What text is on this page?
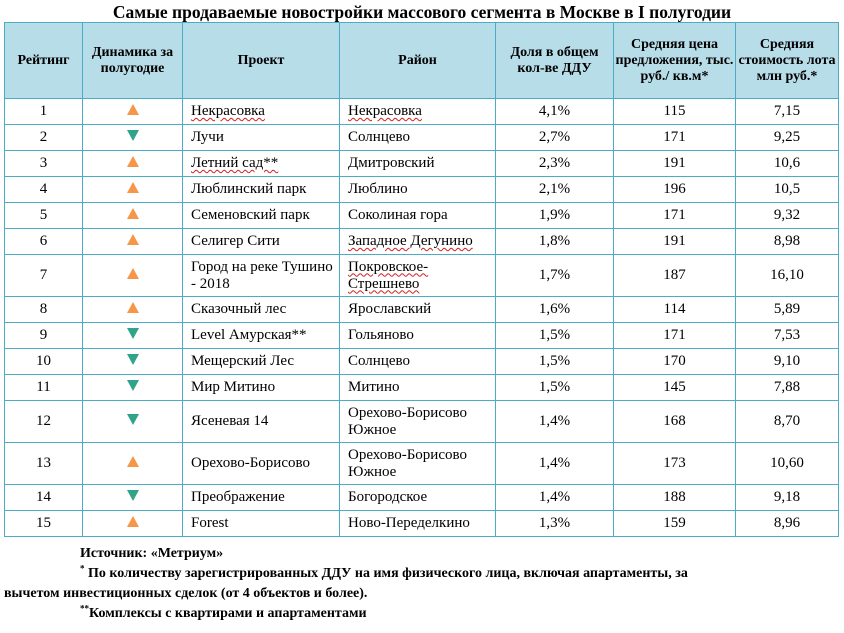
Самые продаваемые новостройки массового сегмента в Москве в I полугодии
Рейтинг	Динамика за полугодие	Проект	Район	Доля в общем кол-ве ДДУ	Средняя цена предложения, тыс. руб./ кв.м*	Средняя стоимость лота млн руб.*
1		Некрасовка	Некрасовка	4,1%	115	7,15
2		Лучи	Солнцево	2,7%	171	9,25
3		Летний сад**	Дмитровский	2,3%	191	10,6
4		Люблинский парк	Люблино	2,1%	196	10,5
5		Семеновский парк	Соколиная гора	1,9%	171	9,32
6		Селигер Сити	Западное Дегунино	1,8%	191	8,98
7		Город на реке Тушино - 2018	Покровское-Стрешнево	1,7%	187	16,10
8		Сказочный лес	Ярославский	1,6%	114	5,89
9		Level Амурская**	Гольяново	1,5%	171	7,53
10		Мещерский Лес	Солнцево	1,5%	170	9,10
11		Мир Митино	Митино	1,5%	145	7,88
12		Ясеневая 14	Орехово-Борисово Южное	1,4%	168	8,70
13		Орехово-Борисово	Орехово-Борисово Южное	1,4%	173	10,60
14		Преображение	Богородское	1,4%	188	9,18
15		Forest	Ново-Переделкино	1,3%	159	8,96
Источник: «Метриум»
* По количеству зарегистрированных ДДУ на имя физического лица, включая апартаменты, за
вычетом инвестиционных сделок (от 4 объектов и более).
**Комплексы с квартирами и апартаментами
